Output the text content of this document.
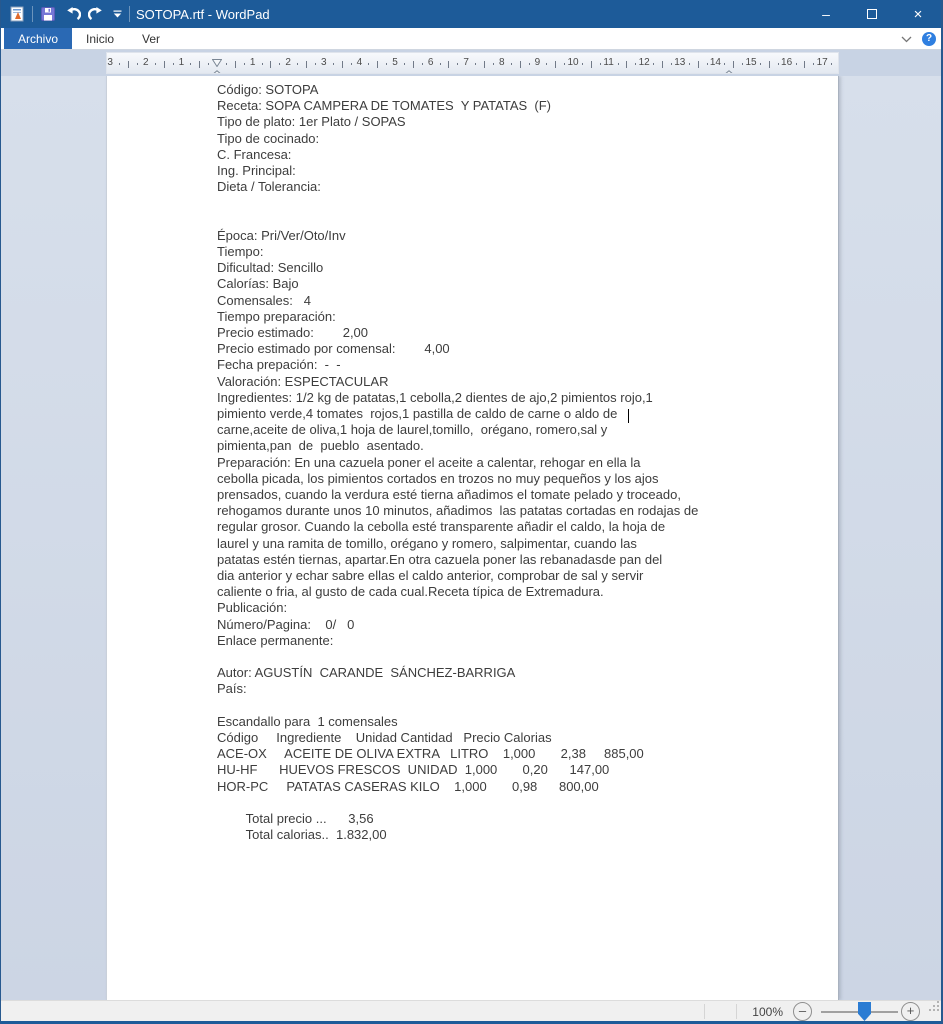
SOTOPA.rtf - WordPad	–	×
Archivo	Inicio	Ver	?
3	2	1	1	2	3	4	5	6	7	8	9	10 11 12 13 14 15 16 17
Código: SOTOPA
Receta: SOPA CAMPERA DE TOMATES  Y PATATAS  (F)
Tipo de plato: 1er Plato / SOPAS
Tipo de cocinado:
C. Francesa:
Ing. Principal:
Dieta / Tolerancia:
Época: Pri/Ver/Oto/Inv
Tiempo:
Dificultad: Sencillo
Calorías: Bajo
Comensales:   4
Tiempo preparación:
Precio estimado:        2,00
Precio estimado por comensal:        4,00
Fecha prepación:  -  -
Valoración: ESPECTACULAR
Ingredientes: 1/2 kg de patatas,1 cebolla,2 dientes de ajo,2 pimientos rojo,1
pimiento verde,4 tomates  rojos,1 pastilla de caldo de carne o aldo de
carne,aceite de oliva,1 hoja de laurel,tomillo,  orégano, romero,sal y
pimienta,pan  de  pueblo  asentado.
Preparación: En una cazuela poner el aceite a calentar, rehogar en ella la
cebolla picada, los pimientos cortados en trozos no muy pequeños y los ajos
prensados, cuando la verdura esté tierna añadimos el tomate pelado y troceado,
rehogamos durante unos 10 minutos, añadimos  las patatas cortadas en rodajas de
regular grosor. Cuando la cebolla esté transparente añadir el caldo, la hoja de
laurel y una ramita de tomillo, orégano y romero, salpimentar, cuando las
patatas estén tiernas, apartar.En otra cazuela poner las rebanadasde pan del
dia anterior y echar sabre ellas el caldo anterior, comprobar de sal y servir
caliente o fria, al gusto de cada cual.Receta típica de Extremadura.
Publicación:
Número/Pagina:    0/   0
Enlace permanente:
Autor: AGUSTÍN  CARANDE  SÁNCHEZ-BARRIGA
País:
Escandallo para  1 comensales
Código     Ingrediente    Unidad Cantidad   Precio Calorias
ACE-OX     ACEITE DE OLIVA EXTRA   LITRO    1,000       2,38     885,00
HU-HF      HUEVOS FRESCOS  UNIDAD  1,000       0,20      147,00
HOR-PC     PATATAS CASERAS KILO    1,000       0,98      800,00
Total precio ...      3,56
Total calorias..  1.832,00
100%	–	+
